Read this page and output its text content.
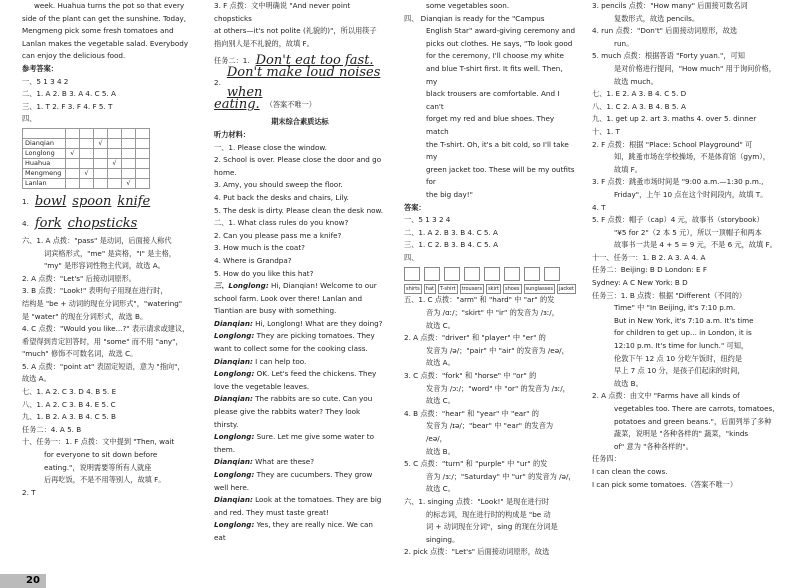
week. Huahua turns the pot so that every

side of the plant can get the sunshine. Today,

Mengmeng pick some fresh tomatoes and

Lanlan makes the vegetable salad. Everybody

can enjoy the delicious food.

参考答案：

一、5 1 3 4 2

二、1. A 2. B 3. A 4. C 5. A

三、1. T 2. F 3. F 4. F 5. T

四、

Dianqian			√			
Longlong	√					
Huahua				√		
Mengmeng		√				
Lanlan					√	
1. bowl spoon knife
4. fork chopsticks

六、1. A 点拨："pass" 是动词，后面接人称代

词宾格形式，"me" 是宾格，"I" 是主格，

"my" 是形容词性物主代词，故选 A。

2. A 点拨："Let's" 后接动词原形。

3. B 点拨："Look!" 表明句子用现在进行时，

结构是 "be + 动词的现在分词形式"，"watering"

是 "water" 的现在分词形式，故选 B。

4. C 点拨："Would you like...?" 表示请求或建议，

希望得到肯定回答时，用 "some" 而不用 "any"，

"much" 修饰不可数名词，故选 C。

5. A 点拨："point at" 表固定短语，意为 "指向"，

故选 A。

七、1. A 2. C 3. D 4. B 5. E

八、1. A 2. C 3. B 4. E 5. C

九、1. B 2. A 3. B 4. C 5. B

任务二：4. A 5. B

十、任务一：1. F 点拨：文中提到 "Then, wait

for everyone to sit down before

eating."，说明需要等所有人就座

后再吃饭，不是不用等别人，故填 F。

2. T

3. F 点拨：文中明确说 "And never point chopsticks

at others—it's not polite (礼貌的)"，所以用筷子

指向别人是不礼貌的，故填 F。

任务二：1. Don't eat too fast.
2.
Don't make loud noises when
eating. （答案不唯一）

期末综合素质达标

听力材料：

一、1. Please close the window.

2. School is over. Please close the door and go home.

3. Amy, you should sweep the floor.

4. Put back the desks and chairs, Lily.

5. The desk is dirty. Please clean the desk now.

二、1. What class rules do you know?

2. Can you please pass me a knife?

3. How much is the coat?

4. Where is Grandpa?

5. How do you like this hat?

三、Longlong: Hi, Dianqian! Welcome to our school farm. Look over there! Lanlan and Tiantian are busy with something.

Dianqian: Hi, Longlong! What are they doing?

Longlong: They are picking tomatoes. They want to collect some for the cooking class.

Dianqian: I can help too.

Longlong: OK. Let's feed the chickens. They love the vegetable leaves.

Dianqian: The rabbits are so cute. Can you please give the rabbits water? They look thirsty.

Longlong: Sure. Let me give some water to them.

Dianqian: What are these?

Longlong: They are cucumbers. They grow well here.

Dianqian: Look at the tomatoes. They are big and red. They must taste great!

Longlong: Yes, they are really nice. We can eat

some vegetables soon.

四、 Dianqian is ready for the "Campus

English Star" award-giving ceremony and

picks out clothes. He says, "To look good

for the ceremony, I'll choose my white

and blue T-shirt first. It fits well. Then, my

black trousers are comfortable. And I can't

forget my red and blue shoes. They match

the T-shirt. Oh, it's a bit cold, so I'll take my

green jacket too. These will be my outfits for

the big day!"

答案：

一、5 1 3 2 4

二、1. A 2. B 3. B 4. C 5. A

三、1. C 2. B 3. B 4. C 5. A

四、

shirts	hat	T-shirt	trousers	skirt	shoes	sunglasses	jacket

五、1. C 点拨："arm" 和 "hard" 中 "ar" 的发

音为 /ɑː/；"skirt" 中 "ir" 的发音为 /ɜː/，

故选 C。

2. A 点拨："driver" 和 "player" 中 "er" 的

发音为 /ə/；"pair" 中 "air" 的发音为 /eə/，

故选 A。

3. C 点拨："fork" 和 "horse" 中 "or" 的

发音为 /ɔː/；"word" 中 "or" 的发音为 /ɜː/，

故选 C。

4. B 点拨："hear" 和 "year" 中 "ear" 的

发音为 /ɪə/；"bear" 中 "ear" 的发音为 /eə/，

故选 B。

5. C 点拨："turn" 和 "purple" 中 "ur" 的发

音为 /ɜː/；"Saturday" 中 "ur" 的发音为 /ə/，

故选 C。

六、1. singing 点拨："Look!" 是现在进行时

的标志词，现在进行时的构成是 "be 动

词 + 动词现在分词"，sing 的现在分词是

singing。

2. pick 点拨："Let's" 后面接动词原形，故选

3. pencils 点拨："How many" 后面接可数名词

复数形式，故选 pencils。

4. run 点拨："Don't" 后面接动词原形，故选

run。

5. much 点拨：根据答语 "Forty yuan."，可知

是对价格进行提问，"How much" 用于询问价格，

故选 much。

七、1. E 2. A 3. B 4. C 5. D

八、1. C 2. A 3. B 4. B 5. A

九、1. get up 2. art 3. maths 4. over 5. dinner

十、1. T

2. F 点拨：根据 "Place: School Playground" 可

知，跳蚤市场在学校操场，不是体育馆（gym），

故填 F。

3. F 点拨：跳蚤市场时间是 "9:00 a.m.—1:30 p.m.,

Friday"，上午 10 点在这个时间段内，故填 T。

4. T

5. F 点拨：帽子（cap）4 元，故事书（storybook）

"¥5 for 2"（2 本 5 元），所以一顶帽子和两本

故事书一共是 4 + 5 = 9 元，不是 6 元，故填 F。

十一、任务一：1. B 2. A 3. A 4. A

任务二：Beijing: B D London: E F

Sydney: A C New York: B D

任务三：1. B 点拨：根据 "Different（不同的）

Time" 中 "In Beijing, it's 7:10 p.m.

But in New York, it's 7:10 a.m. It's time

for children to get up... in London, it is

12:10 p.m. It's time for lunch." 可知，

伦敦下午 12 点 10 分吃午饭时，纽约是

早上 7 点 10 分，是孩子们起床的时间，

故选 B。

2. A 点拨：由文中 "Farms have all kinds of

vegetables too. There are carrots, tomatoes,

potatoes and green beans."，后面列举了多种

蔬菜，说明是 "各种各样的" 蔬菜，"kinds

of" 意为 "各种各样的"。

任务四：

I can clean the cows.

I can pick some tomatoes.（答案不唯一）

20
